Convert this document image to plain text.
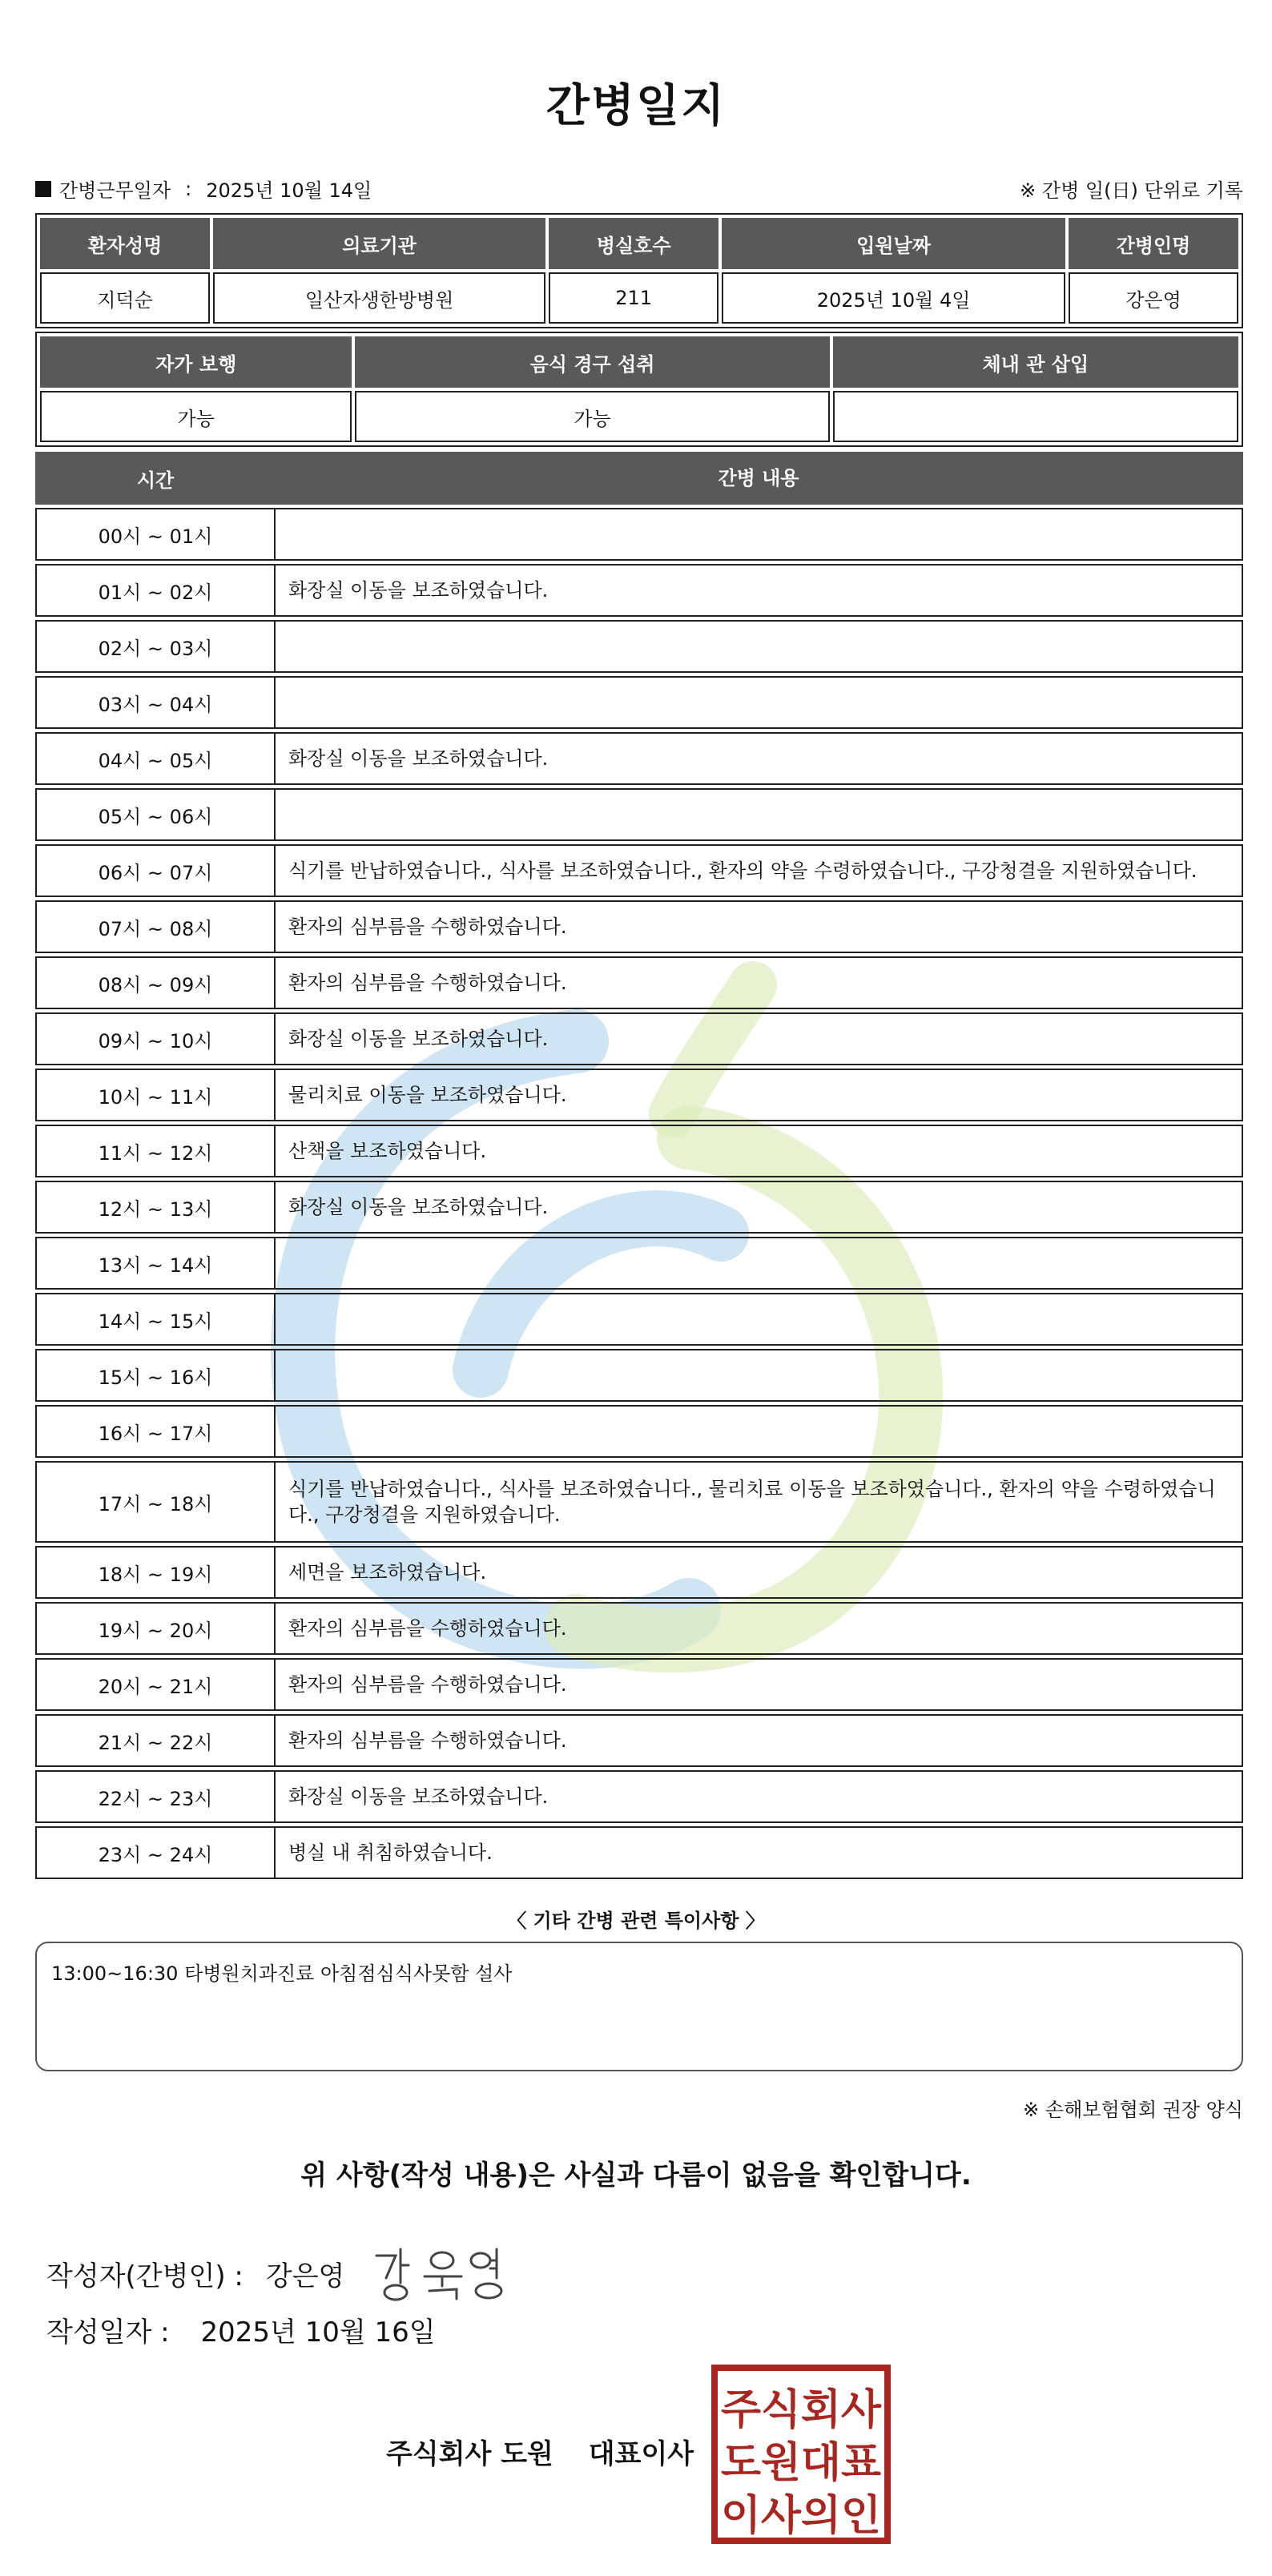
간병일지
간병근무일자 : 2025년 10월 14일	※ 간병 일(日) 단위로 기록
환자성명	의료기관	병실호수	입원날짜	간병인명
지덕순	일산자생한방병원	211	2025년 10월 4일	강은영
자가 보행	음식 경구 섭취	체내 관 삽입
가능	가능	
시간	간병 내용
00시 ~ 01시	
01시 ~ 02시	화장실 이동을 보조하였습니다.
02시 ~ 03시	
03시 ~ 04시	
04시 ~ 05시	화장실 이동을 보조하였습니다.
05시 ~ 06시	
06시 ~ 07시	식기를 반납하였습니다., 식사를 보조하였습니다., 환자의 약을 수령하였습니다., 구강청결을 지원하였습니다.
07시 ~ 08시	환자의 심부름을 수행하였습니다.
08시 ~ 09시	환자의 심부름을 수행하였습니다.
09시 ~ 10시	화장실 이동을 보조하였습니다.
10시 ~ 11시	물리치료 이동을 보조하였습니다.
11시 ~ 12시	산책을 보조하였습니다.
12시 ~ 13시	화장실 이동을 보조하였습니다.
13시 ~ 14시	
14시 ~ 15시	
15시 ~ 16시	
16시 ~ 17시	
17시 ~ 18시	식기를 반납하였습니다., 식사를 보조하였습니다., 물리치료 이동을 보조하였습니다., 환자의 약을 수령하였습니다., 구강청결을 지원하였습니다.
18시 ~ 19시	세면을 보조하였습니다.
19시 ~ 20시	환자의 심부름을 수행하였습니다.
20시 ~ 21시	환자의 심부름을 수행하였습니다.
21시 ~ 22시	환자의 심부름을 수행하였습니다.
22시 ~ 23시	화장실 이동을 보조하였습니다.
23시 ~ 24시	병실 내 취침하였습니다.
〈 기타 간병 관련 특이사항 〉
13:00~16:30 타병원치과진료 아침점심식사못함 설사
※ 손해보험협회 권장 양식
위 사항(작성 내용)은 사실과 다름이 없음을 확인합니다.
작성자(간병인) : 강은영
작성일자 : 2025년 10월 16일
주식회사 도원 대표이사
주식회사
도원대표
이사의인
